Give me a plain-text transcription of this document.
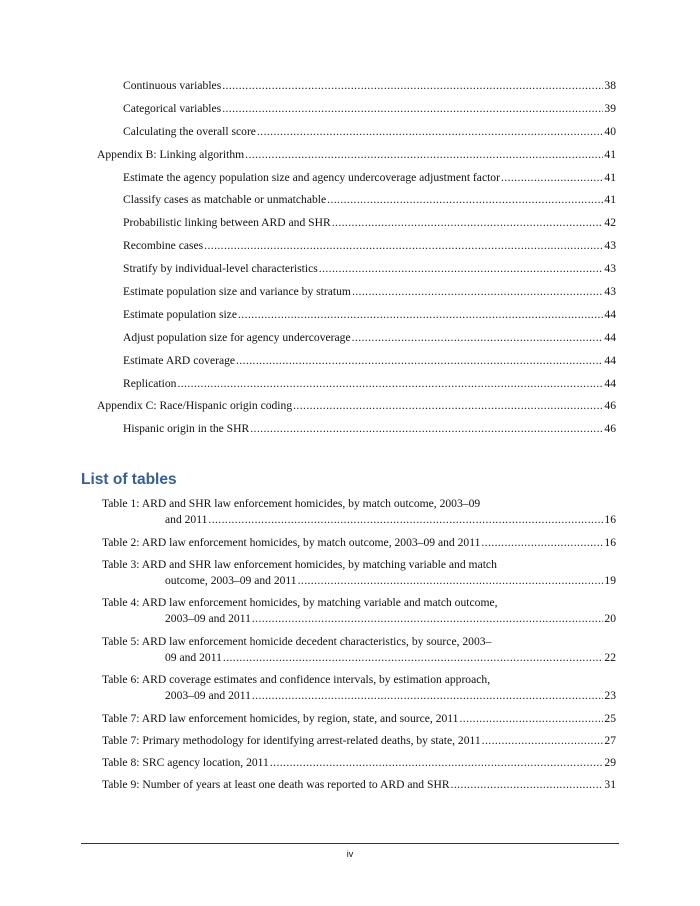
Continuous variables .....	38
Categorical variables .....	39
Calculating the overall score .....	40
Appendix B: Linking algorithm .....	41
Estimate the agency population size and agency undercoverage adjustment factor .....	41
Classify cases as matchable or unmatchable .....	41
Probabilistic linking between ARD and SHR .....	42
Recombine cases .....	43
Stratify by individual-level characteristics .....	43
Estimate population size and variance by stratum .....	43
Estimate population size .....	44
Adjust population size for agency undercoverage .....	44
Estimate ARD coverage .....	44
Replication .....	44
Appendix C: Race/Hispanic origin coding .....	46
Hispanic origin in the SHR .....	46
List of tables
Table 1: ARD and SHR law enforcement homicides, by match outcome, 2003–09
and 2011 .....	16
Table 2: ARD law enforcement homicides, by match outcome, 2003–09 and 2011 .....	16
Table 3: ARD and SHR law enforcement homicides, by matching variable and match
outcome, 2003–09 and 2011 .....	19
Table 4: ARD law enforcement homicides, by matching variable and match outcome,
2003–09 and 2011 .....	20
Table 5: ARD law enforcement homicide decedent characteristics, by source, 2003–
09 and 2011 .....	22
Table 6: ARD coverage estimates and confidence intervals, by estimation approach,
2003–09 and 2011 .....	23
Table 7: ARD law enforcement homicides, by region, state, and source, 2011 .....	25
Table 7: Primary methodology for identifying arrest-related deaths, by state, 2011 .....	27
Table 8: SRC agency location, 2011 .....	29
Table 9: Number of years at least one death was reported to ARD and SHR .....	31
iv
